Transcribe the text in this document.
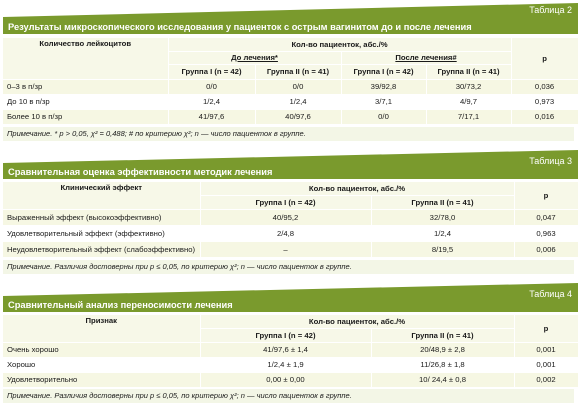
Таблица 2
Результаты микроскопического исследования у пациенток с острым вагинитом до и после лечения
Количество лейкоцитов	Кол-во пациенток, абс./%				p
	До лечения*		После лечения#		
	Группа I (n = 42)	Группа II (n = 41)	Группа I (n = 42)	Группа II (n = 41)	
0–3 в п/зр	0/0	0/0	39/92,8	30/73,2	0,036
До 10 в п/зр	1/2,4	1/2,4	3/7,1	4/9,7	0,973
Более 10 в п/зр	41/97,6	40/97,6	0/0	7/17,1	0,016
Примечание. * p > 0,05, χ² = 0,488; # по критерию χ²; n — число пациенток в группе.
Таблица 3
Сравнительная оценка эффективности методик лечения
Клинический эффект	Кол-во пациенток, абс./%		p
	Группа I (n = 42)	Группа II (n = 41)	
Выраженный эффект (высокоэффективно)	40/95,2	32/78,0	0,047
Удовлетворительный эффект (эффективно)	2/4,8	1/2,4	0,963
Неудовлетворительный эффект (слабоэффективно)	–	8/19,5	0,006
Примечание. Различия достоверны при p ≤ 0,05, по критерию χ²; n — число пациенток в группе.
Таблица 4
Сравнительный анализ переносимости лечения
Признак	Кол-во пациенток, абс./%		p
	Группа I (n = 42)	Группа II (n = 41)	
Очень хорошо	41/97,6 ± 1,4	20/48,9 ± 2,8	0,001
Хорошо	1/2,4 ± 1,9	11/26,8 ± 1,8	0,001
Удовлетворительно	0,00 ± 0,00	10/ 24,4 ± 0,8	0,002
Примечание. Различия достоверны при p ≤ 0,05, по критерию χ²; n — число пациенток в группе.
